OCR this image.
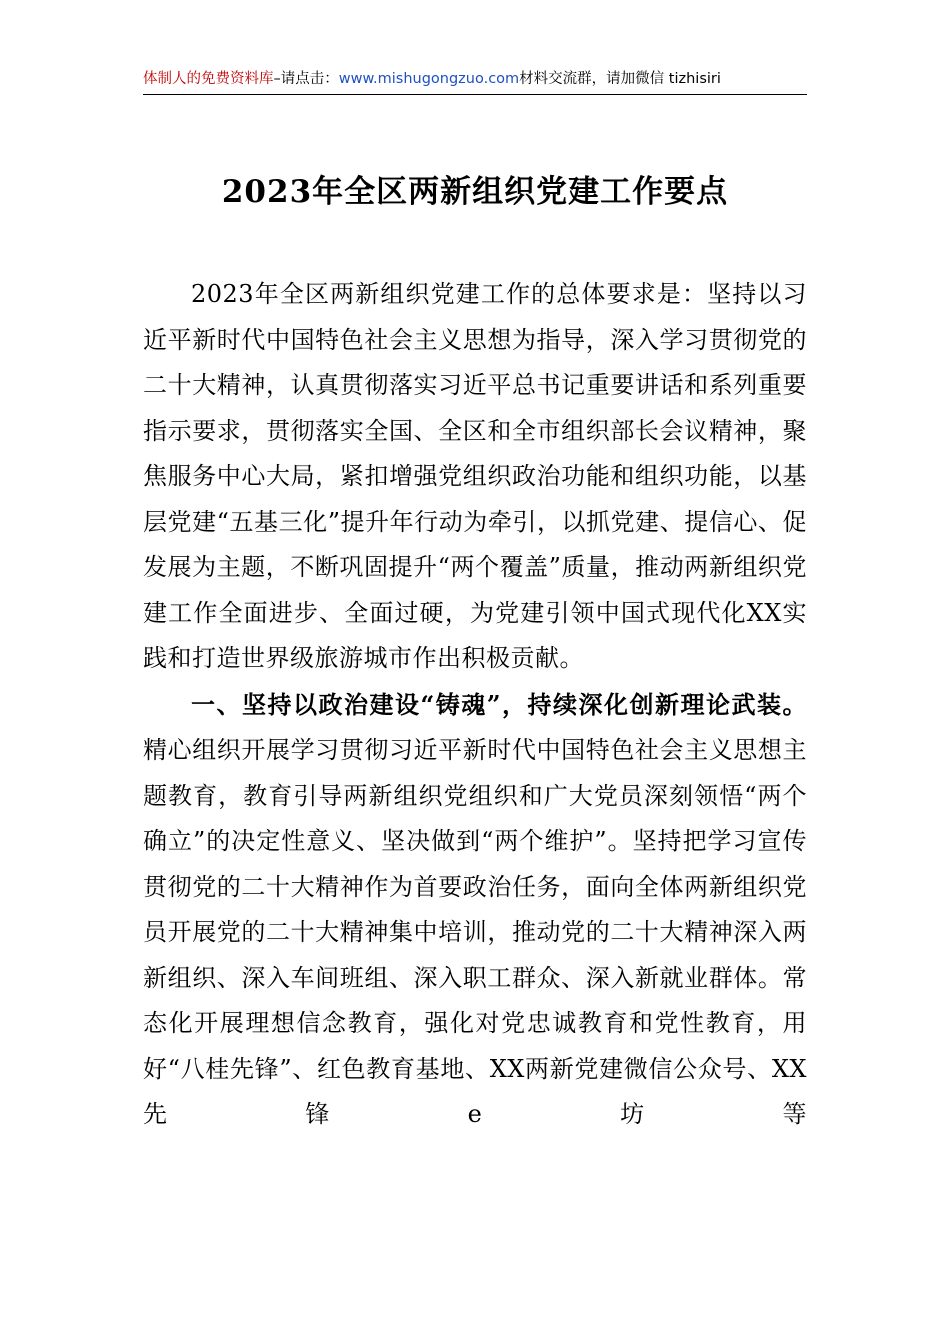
体制人的免费资料库–请点击：www.mishugongzuo.com材料交流群，请加微信 tizhisiri
2023年全区两新组织党建工作要点

2023年全区两新组织党建工作的总体要求是：坚持以习近平新时代中国特色社会主义思想为指导，深入学习贯彻党的二十大精神，认真贯彻落实习近平总书记重要讲话和系列重要指示要求，贯彻落实全国、全区和全市组织部长会议精神，聚焦服务中心大局，紧扣增强党组织政治功能和组织功能，以基层党建“五基三化”提升年行动为牵引，以抓党建、提信心、促发展为主题，不断巩固提升“两个覆盖”质量，推动两新组织党建工作全面进步、全面过硬，为党建引领中国式现代化XX实践和打造世界级旅游城市作出积极贡献。

一、坚持以政治建设“铸魂”，持续深化创新理论武装。精心组织开展学习贯彻习近平新时代中国特色社会主义思想主题教育，教育引导两新组织党组织和广大党员深刻领悟“两个确立”的决定性意义、坚决做到“两个维护”。坚持把学习宣传贯彻党的二十大精神作为首要政治任务，面向全体两新组织党员开展党的二十大精神集中培训，推动党的二十大精神深入两新组织、深入车间班组、深入职工群众、深入新就业群体。常态化开展理想信念教育，强化对党忠诚教育和党性教育，用好“八桂先锋”、红色教育基地、XX两新党建微信公众号、XX先锋e坊等
